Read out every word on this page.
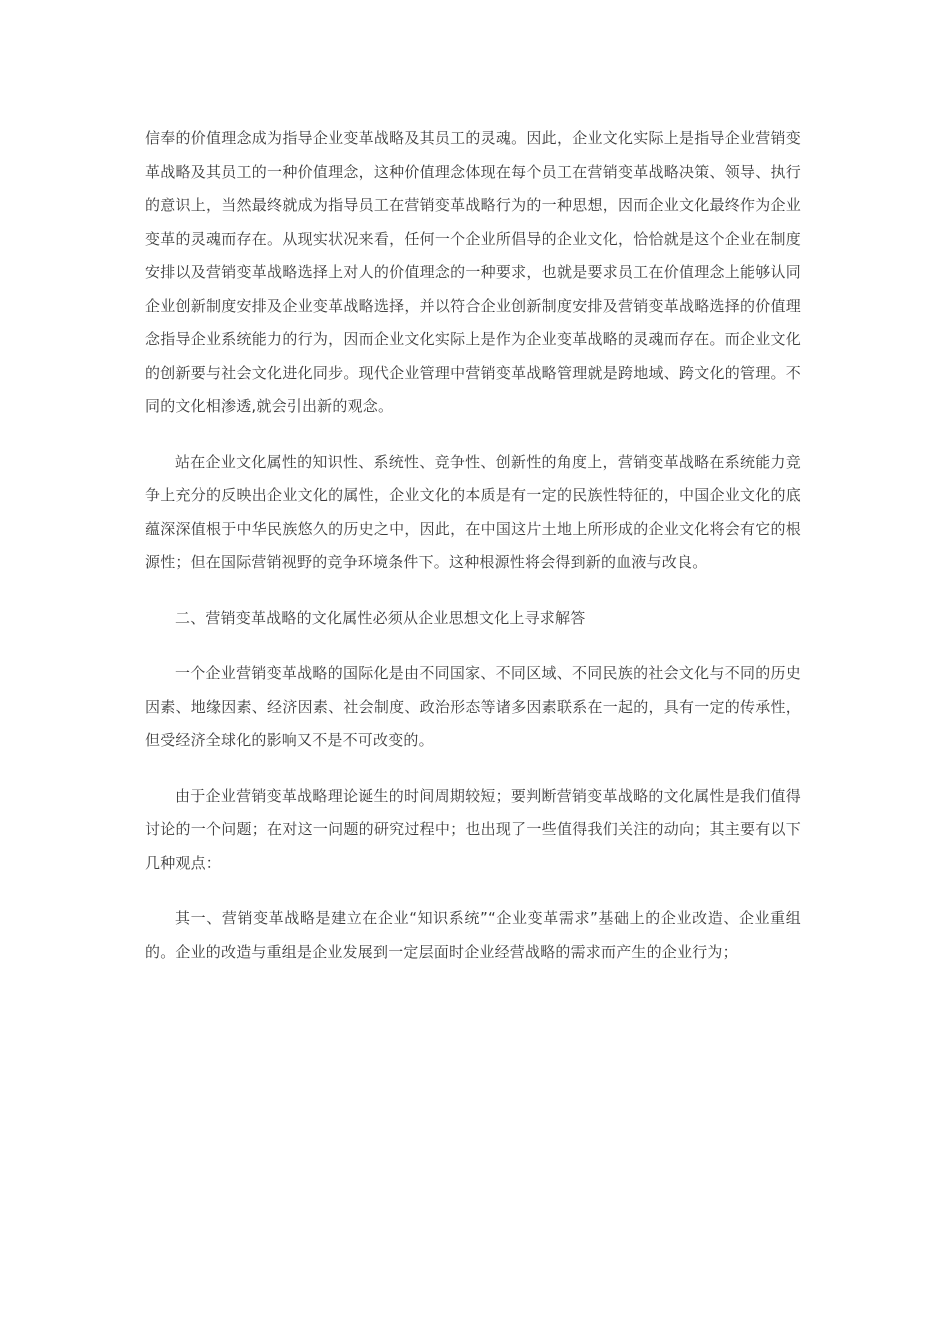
信奉的价值理念成为指导企业变革战略及其员工的灵魂。因此，企业文化实际上是指导企业营销变革战略及其员工的一种价值理念，这种价值理念体现在每个员工在营销变革战略决策、领导、执行的意识上，当然最终就成为指导员工在营销变革战略行为的一种思想，因而企业文化最终作为企业变革的灵魂而存在。从现实状况来看，任何一个企业所倡导的企业文化，恰恰就是这个企业在制度安排以及营销变革战略选择上对人的价值理念的一种要求，也就是要求员工在价值理念上能够认同企业创新制度安排及企业变革战略选择，并以符合企业创新制度安排及营销变革战略选择的价值理念指导企业系统能力的行为，因而企业文化实际上是作为企业变革战略的灵魂而存在。而企业文化的创新要与社会文化进化同步。现代企业管理中营销变革战略管理就是跨地域、跨文化的管理。不同的文化相渗透,就会引出新的观念。

站在企业文化属性的知识性、系统性、竞争性、创新性的角度上，营销变革战略在系统能力竞争上充分的反映出企业文化的属性，企业文化的本质是有一定的民族性特征的，中国企业文化的底蕴深深值根于中华民族悠久的历史之中，因此，在中国这片土地上所形成的企业文化将会有它的根源性；但在国际营销视野的竞争环境条件下。这种根源性将会得到新的血液与改良。

二、营销变革战略的文化属性必须从企业思想文化上寻求解答

一个企业营销变革战略的国际化是由不同国家、不同区域、不同民族的社会文化与不同的历史因素、地缘因素、经济因素、社会制度、政治形态等诸多因素联系在一起的，具有一定的传承性，但受经济全球化的影响又不是不可改变的。

由于企业营销变革战略理论诞生的时间周期较短；要判断营销变革战略的文化属性是我们值得讨论的一个问题；在对这一问题的研究过程中；也出现了一些值得我们关注的动向；其主要有以下几种观点：

其一、营销变革战略是建立在企业“知识系统”“企业变革需求”基础上的企业改造、企业重组的。企业的改造与重组是企业发展到一定层面时企业经营战略的需求而产生的企业行为；
